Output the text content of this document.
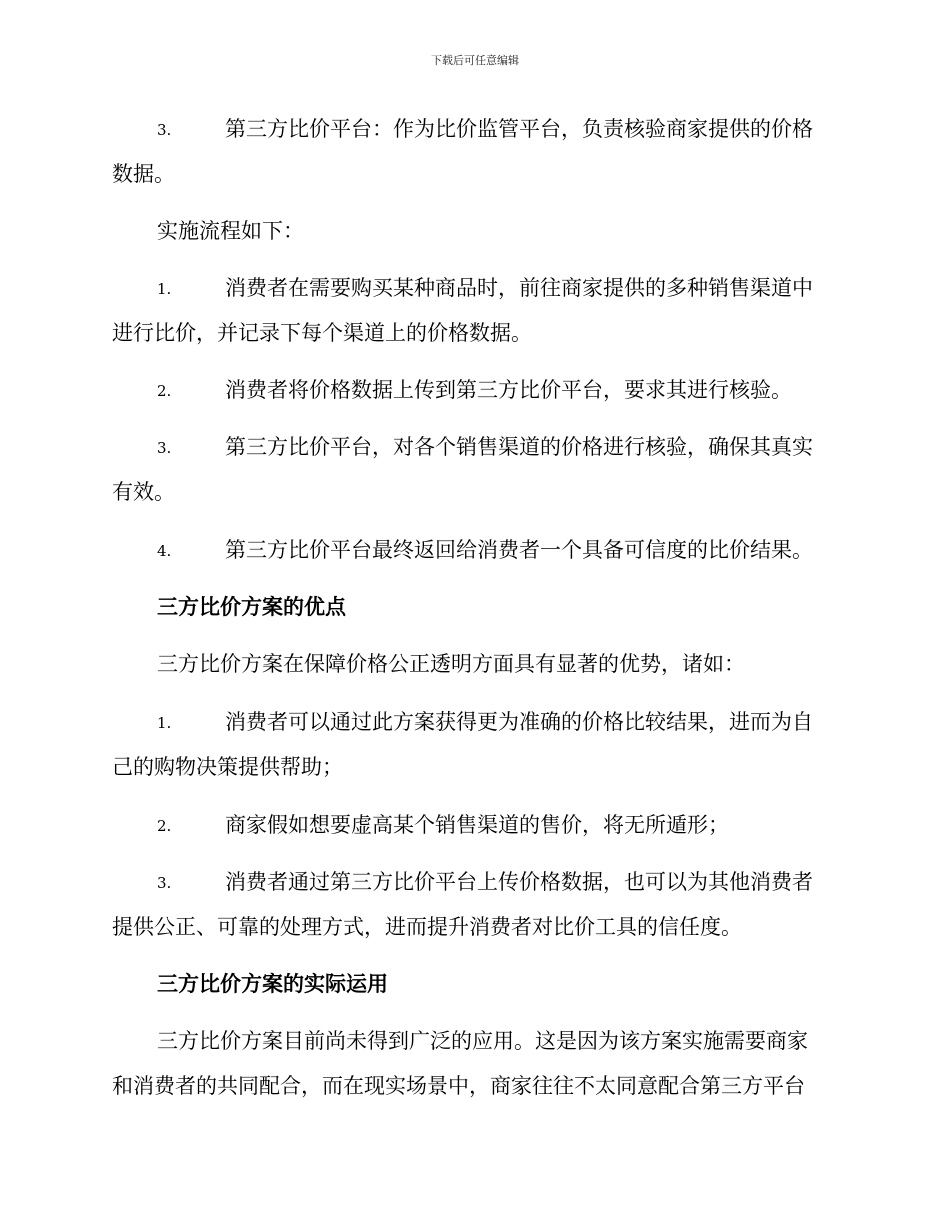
下载后可任意编辑
3.	第三方比价平台：作为比价监管平台，负责核验商家提供的价格
数据。
实施流程如下：
1.	消费者在需要购买某种商品时，前往商家提供的多种销售渠道中
进行比价，并记录下每个渠道上的价格数据。
2.	消费者将价格数据上传到第三方比价平台，要求其进行核验。
3.	第三方比价平台，对各个销售渠道的价格进行核验，确保其真实
有效。
4.	第三方比价平台最终返回给消费者一个具备可信度的比价结果。
三方比价方案的优点
三方比价方案在保障价格公正透明方面具有显著的优势，诸如：
1.	消费者可以通过此方案获得更为准确的价格比较结果，进而为自
己的购物决策提供帮助；
2.	商家假如想要虚高某个销售渠道的售价，将无所遁形；
3.	消费者通过第三方比价平台上传价格数据，也可以为其他消费者
提供公正、可靠的处理方式，进而提升消费者对比价工具的信任度。
三方比价方案的实际运用
三方比价方案目前尚未得到广泛的应用。这是因为该方案实施需要商家
和消费者的共同配合，而在现实场景中，商家往往不太同意配合第三方平台
